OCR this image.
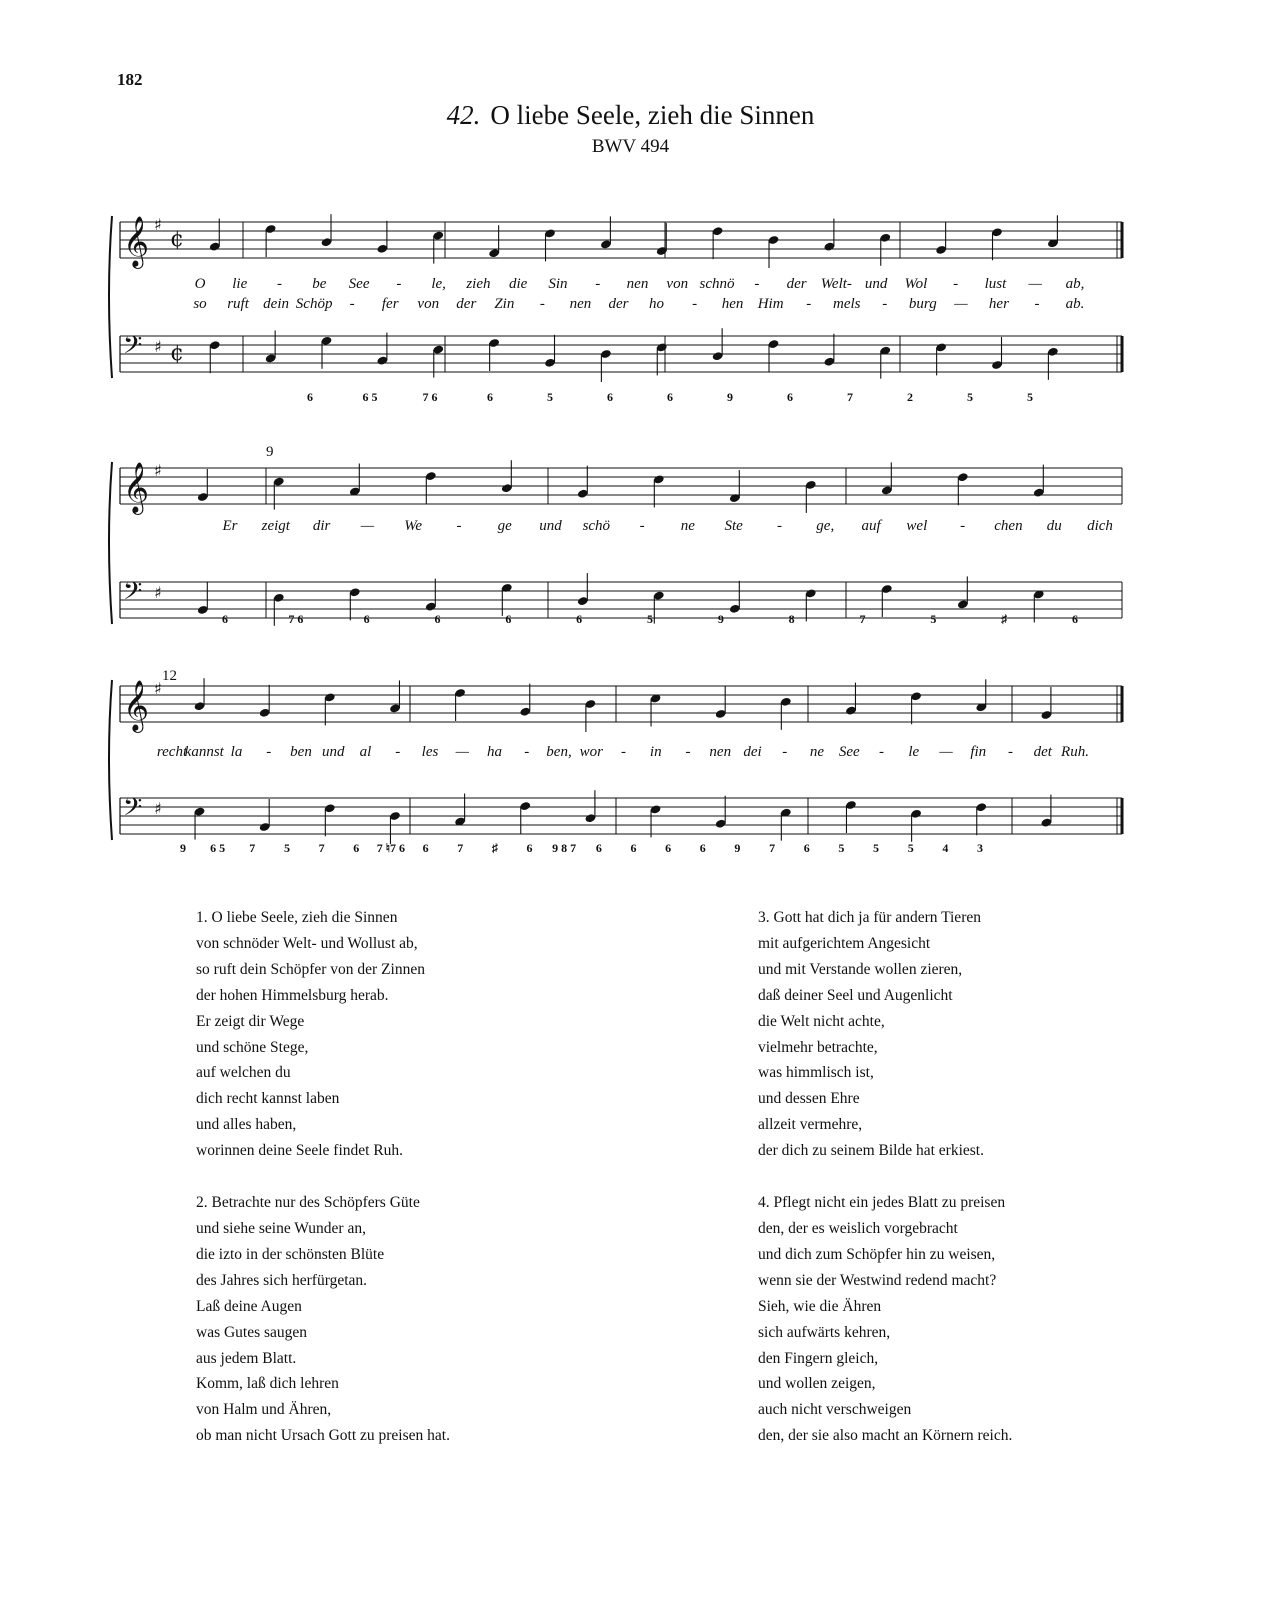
182
42. O liebe Seele, zieh die Sinnen
BWV 494
𝄞 ♯
¢
𝄢 ♯ ¢
O lie - be See - le, zieh die Sin - nen von schnö - der Welt- und Wol - lust — ab,
so ruft dein Schöp - fer von der Zin - nen der ho - hen Him - mels - burg — her - ab.
6	6 5	7 6	6	5	6	6	9	6	7	2	5	5
9
𝄞 ♯
𝄢 ♯
Er zeigt dir — We - ge und schö - ne Ste - ge, auf wel - chen du dich
6	7 6	6	6	6	6	5	9	8	7	5	♯	6
12
𝄞 ♯
𝄢 ♯
recht
kannst la - ben und al - les — ha - ben, wor - in - nen dei - ne See - le — fin - det Ruh.
9 6 5 7 5 7 6 7 ♮7 6 6 7 ♯ 6 9 8 7 6 6 6 6 9 7 6 5 5 5 4 3
1. O liebe Seele, zieh die Sinnen
von schnöder Welt- und Wollust ab,
so ruft dein Schöpfer von der Zinnen
der hohen Himmelsburg herab.
Er zeigt dir Wege
und schöne Stege,
auf welchen du
dich recht kannst laben
und alles haben,
worinnen deine Seele findet Ruh.
2. Betrachte nur des Schöpfers Güte
und siehe seine Wunder an,
die izto in der schönsten Blüte
des Jahres sich herfürgetan.
Laß deine Augen
was Gutes saugen
aus jedem Blatt.
Komm, laß dich lehren
von Halm und Ähren,
ob man nicht Ursach Gott zu preisen hat.
3. Gott hat dich ja für andern Tieren
mit aufgerichtem Angesicht
und mit Verstande wollen zieren,
daß deiner Seel und Augenlicht
die Welt nicht achte,
vielmehr betrachte,
was himmlisch ist,
und dessen Ehre
allzeit vermehre,
der dich zu seinem Bilde hat erkiest.
4. Pflegt nicht ein jedes Blatt zu preisen
den, der es weislich vorgebracht
und dich zum Schöpfer hin zu weisen,
wenn sie der Westwind redend macht?
Sieh, wie die Ähren
sich aufwärts kehren,
den Fingern gleich,
und wollen zeigen,
auch nicht verschweigen
den, der sie also macht an Körnern reich.
